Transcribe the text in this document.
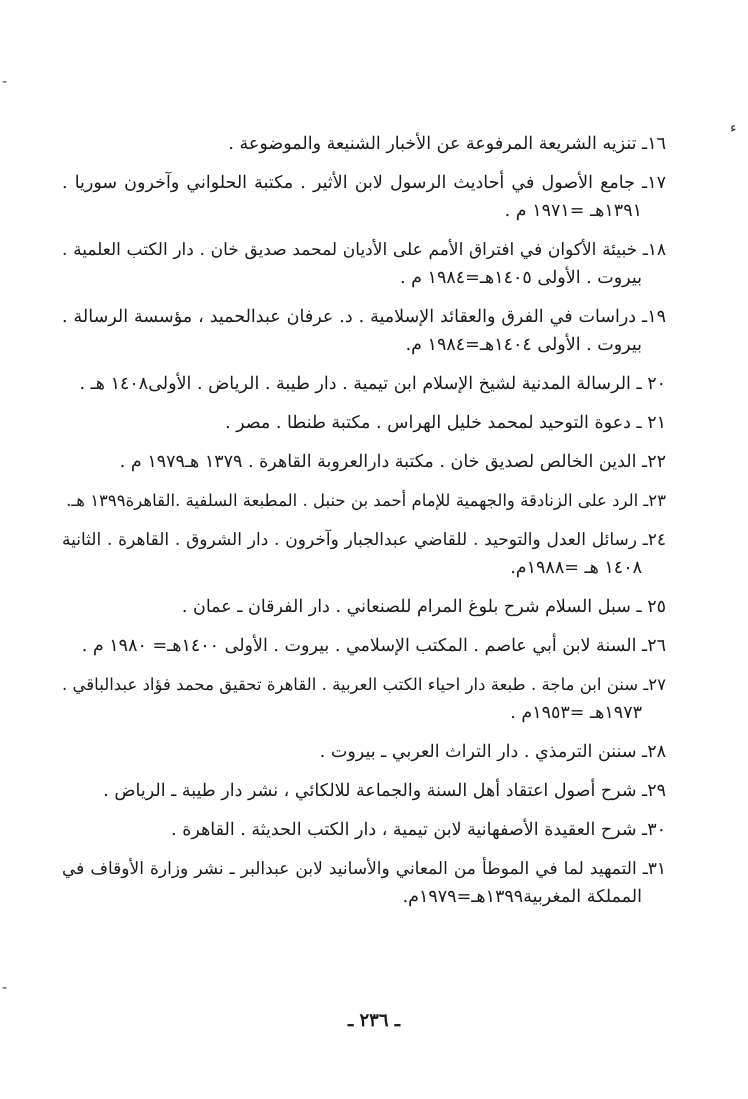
-
ء
-
١٦ـ تنزيه الشريعة المرفوعة عن الأخبار الشنيعة والموضوعة .
١٧ـ جامع الأصول في أحاديث الرسول لابن الأثير . مكتبة الحلواني وآخرون سوريا .
١٣٩١هـ =١٩٧١ م .
١٨ـ خبيئة الأكوان في افتراق الأمم على الأديان لمحمد صديق خان . دار الكتب العلمية .
بيروت . الأولى ١٤٠٥هـ=١٩٨٤ م .
١٩ـ دراسات في الفرق والعقائد الإسلامية . د. عرفان عبدالحميد ، مؤسسة الرسالة .
بيروت . الأولى ١٤٠٤هـ=١٩٨٤ م.
٢٠ ـ الرسالة المدنية لشيخ الإسلام ابن تيمية . دار طيبة . الرياض . الأولى١٤٠٨ هـ .
٢١ ـ دعوة التوحيد لمحمد خليل الهراس . مكتبة طنطا . مصر .
٢٢ـ الدين الخالص لصديق خان . مكتبة دارالعروبة القاهرة . ١٣٧٩ هـ١٩٧٩ م .
٢٣ـ الرد على الزنادقة والجهمية للإمام أحمد بن حنبل . المطبعة السلفية .القاهرة١٣٩٩ هـ.
٢٤ـ رسائل العدل والتوحيد . للقاضي عبدالجبار وآخرون . دار الشروق . القاهرة . الثانية
١٤٠٨ هـ =١٩٨٨م.
٢٥ ـ سبل السلام شرح بلوغ المرام للصنعاني . دار الفرقان ـ عمان .
٢٦ـ السنة لابن أبي عاصم . المكتب الإسلامي . بيروت . الأولى ١٤٠٠هـ= ١٩٨٠ م .
٢٧ـ سنن ابن ماجة . طبعة دار احياء الكتب العربية . القاهرة تحقيق محمد فؤاد عبدالباقي .
١٩٧٣هـ =١٩٥٣م .
٢٨ـ سننن الترمذي . دار التراث العربي ـ بيروت .
٢٩ـ شرح أصول اعتقاد أهل السنة والجماعة للالكائي ، نشر دار طيبة ـ الرياض .
٣٠ـ شرح العقيدة الأصفهانية لابن تيمية ، دار الكتب الحديثة . القاهرة .
٣١ـ التمهيد لما في الموطأ من المعاني والأسانيد لابن عبدالبر ـ نشر وزارة الأوقاف في
المملكة المغربية١٣٩٩هـ=١٩٧٩م.
ـ ٢٣٦ ـ
